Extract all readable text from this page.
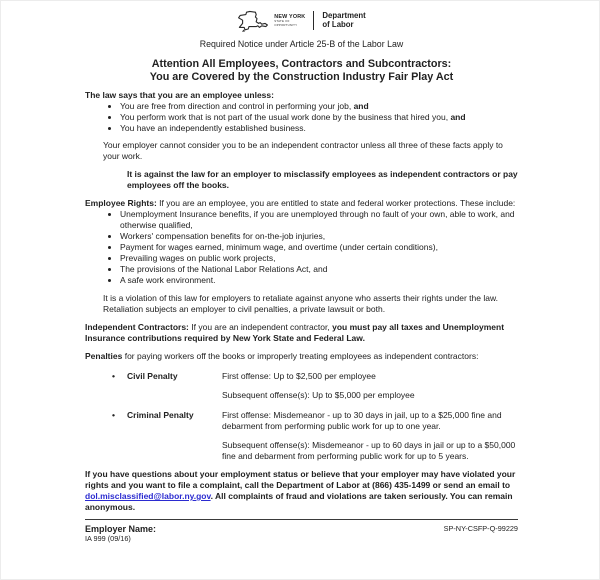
NEW YORK
STATE OF
OPPORTUNITY
Department
of Labor
Required Notice under Article 25-B of the Labor Law
Attention All Employees, Contractors and Subcontractors:
You are Covered by the Construction Industry Fair Play Act

The law says that you are an employee unless:

• You are free from direction and control in performing your job, and
• You perform work that is not part of the usual work done by the business that hired you, and
• You have an independently established business.

Your employer cannot consider you to be an independent contractor unless all three of these facts apply to your work.

It is against the law for an employer to misclassify employees as independent contractors or pay employees off the books.

Employee Rights: If you are an employee, you are entitled to state and federal worker protections. These include:

• Unemployment Insurance benefits, if you are unemployed through no fault of your own, able to work, and otherwise qualified,
• Workers' compensation benefits for on-the-job injuries,
• Payment for wages earned, minimum wage, and overtime (under certain conditions),
• Prevailing wages on public work projects,
• The provisions of the National Labor Relations Act, and
• A safe work environment.

It is a violation of this law for employers to retaliate against anyone who asserts their rights under the law. Retaliation subjects an employer to civil penalties, a private lawsuit or both.

Independent Contractors: If you are an independent contractor, you must pay all taxes and Unemployment Insurance contributions required by New York State and Federal Law.

Penalties for paying workers off the books or improperly treating employees as independent contractors:

•
Civil Penalty	First offense: Up to $2,500 per employee

Subsequent offense(s): Up to $5,000 per employee

•
Criminal Penalty	First offense: Misdemeanor - up to 30 days in jail, up to a $25,000 fine and debarment from performing public work for up to one year.

Subsequent offense(s): Misdemeanor - up to 60 days in jail or up to a $50,000 fine and debarment from performing public work for up to 5 years.

If you have questions about your employment status or believe that your employer may have violated your rights and you want to file a complaint, call the Department of Labor at (866) 435-1499 or send an email to dol.misclassified@labor.ny.gov. All complaints of fraud and violations are taken seriously. You can remain anonymous.

Employer Name:
IA 999 (09/16)
SP-NY-CSFP-Q-99229
